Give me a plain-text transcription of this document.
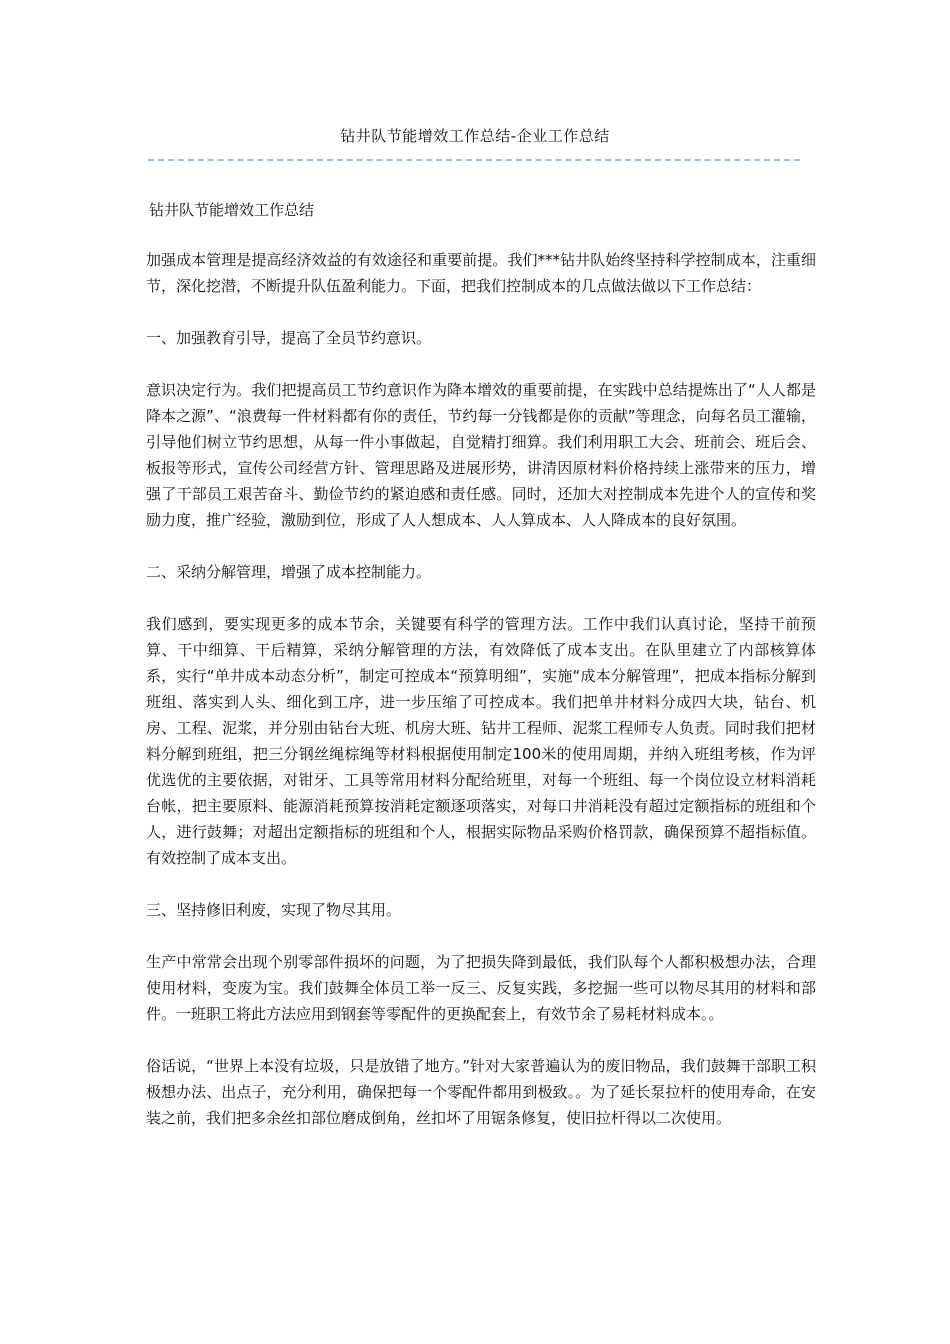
钻井队节能增效工作总结-企业工作总结

钻井队节能增效工作总结

加强成本管理是提高经济效益的有效途径和重要前提。我们***钻井队始终坚持科学控制成本，注重细节，深化挖潜，不断提升队伍盈利能力。下面，把我们控制成本的几点做法做以下工作总结：

一、加强教育引导，提高了全员节约意识。

意识决定行为。我们把提高员工节约意识作为降本增效的重要前提，在实践中总结提炼出了“人人都是降本之源”、“浪费每一件材料都有你的责任，节约每一分钱都是你的贡献”等理念，向每名员工灌输，引导他们树立节约思想，从每一件小事做起，自觉精打细算。我们利用职工大会、班前会、班后会、板报等形式，宣传公司经营方针、管理思路及进展形势，讲清因原材料价格持续上涨带来的压力，增强了干部员工艰苦奋斗、勤俭节约的紧迫感和责任感。同时，还加大对控制成本先进个人的宣传和奖励力度，推广经验，激励到位，形成了人人想成本、人人算成本、人人降成本的良好氛围。

二、采纳分解管理，增强了成本控制能力。

我们感到，要实现更多的成本节余，关键要有科学的管理方法。工作中我们认真讨论，坚持干前预算、干中细算、干后精算，采纳分解管理的方法，有效降低了成本支出。在队里建立了内部核算体系，实行“单井成本动态分析”，制定可控成本“预算明细”，实施“成本分解管理”，把成本指标分解到班组、落实到人头、细化到工序，进一步压缩了可控成本。我们把单井材料分成四大块，钻台、机房、工程、泥浆，并分别由钻台大班、机房大班、钻井工程师、泥浆工程师专人负责。同时我们把材料分解到班组，把三分钢丝绳棕绳等材料根据使用制定100米的使用周期，并纳入班组考核，作为评优选优的主要依据，对钳牙、工具等常用材料分配给班里，对每一个班组、每一个岗位设立材料消耗台帐，把主要原料、能源消耗预算按消耗定额逐项落实，对每口井消耗没有超过定额指标的班组和个人，进行鼓舞；对超出定额指标的班组和个人，根据实际物品采购价格罚款，确保预算不超指标值。有效控制了成本支出。

三、坚持修旧利废，实现了物尽其用。

生产中常常会出现个别零部件损坏的问题，为了把损失降到最低，我们队每个人都积极想办法，合理使用材料，变废为宝。我们鼓舞全体员工举一反三、反复实践，多挖掘一些可以物尽其用的材料和部件。一班职工将此方法应用到钢套等零配件的更换配套上，有效节余了易耗材料成本。。

俗话说，“世界上本没有垃圾，只是放错了地方。”针对大家普遍认为的废旧物品，我们鼓舞干部职工积极想办法、出点子，充分利用，确保把每一个零配件都用到极致。。为了延长泵拉杆的使用寿命，在安装之前，我们把多余丝扣部位磨成倒角，丝扣坏了用锯条修复，使旧拉杆得以二次使用。
